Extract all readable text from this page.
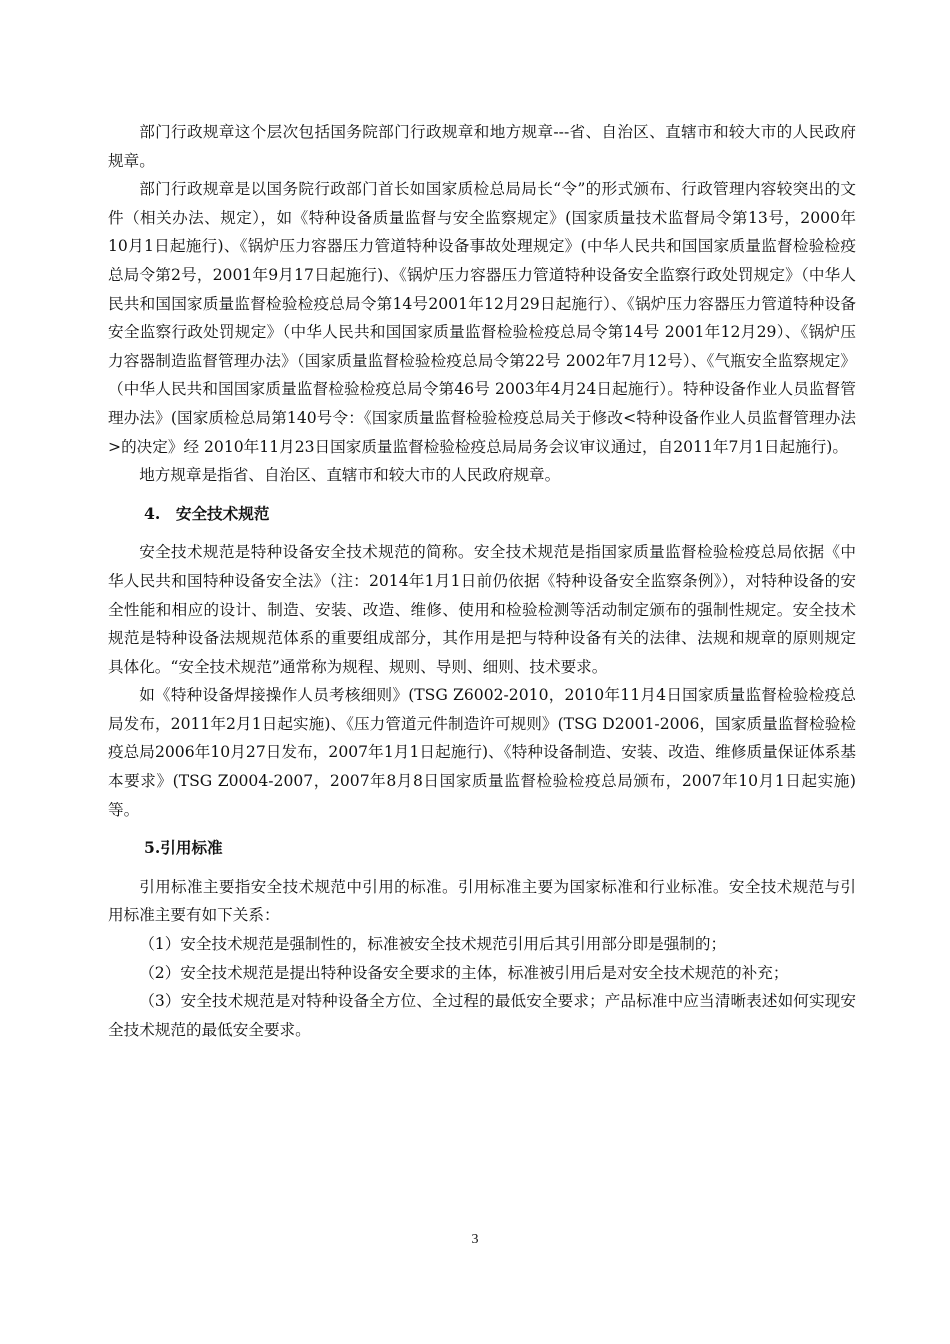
部门行政规章这个层次包括国务院部门行政规章和地方规章---省、自治区、直辖市和较大市的人民政府规章。

部门行政规章是以国务院行政部门首长如国家质检总局局长“令”的形式颁布、行政管理内容较突出的文件（相关办法、规定），如《特种设备质量监督与安全监察规定》(国家质量技术监督局令第13号，2000年10月1日起施行)、《锅炉压力容器压力管道特种设备事故处理规定》(中华人民共和国国家质量监督检验检疫总局令第2号，2001年9月17日起施行)、《锅炉压力容器压力管道特种设备安全监察行政处罚规定》（中华人民共和国国家质量监督检验检疫总局令第14号2001年12月29日起施行）、《锅炉压力容器压力管道特种设备安全监察行政处罚规定》（中华人民共和国国家质量监督检验检疫总局令第14号 2001年12月29）、《锅炉压力容器制造监督管理办法》（国家质量监督检验检疫总局令第22号 2002年7月12号）、《气瓶安全监察规定》（中华人民共和国国家质量监督检验检疫总局令第46号 2003年4月24日起施行）。特种设备作业人员监督管理办法》(国家质检总局第140号令：《国家质量监督检验检疫总局关于修改<特种设备作业人员监督管理办法>的决定》经 2010年11月23日国家质量监督检验检疫总局局务会议审议通过，自2011年7月1日起施行)。

地方规章是指省、自治区、直辖市和较大市的人民政府规章。

4.　安全技术规范

安全技术规范是特种设备安全技术规范的简称。安全技术规范是指国家质量监督检验检疫总局依据《中华人民共和国特种设备安全法》（注：2014年1月1日前仍依据《特种设备安全监察条例》），对特种设备的安全性能和相应的设计、制造、安装、改造、维修、使用和检验检测等活动制定颁布的强制性规定。安全技术规范是特种设备法规规范体系的重要组成部分，其作用是把与特种设备有关的法律、法规和规章的原则规定具体化。“安全技术规范”通常称为规程、规则、导则、细则、技术要求。

如《特种设备焊接操作人员考核细则》(TSG Z6002-2010，2010年11月4日国家质量监督检验检疫总局发布，2011年2月1日起实施)、《压力管道元件制造许可规则》(TSG D2001-2006，国家质量监督检验检疫总局2006年10月27日发布，2007年1月1日起施行)、《特种设备制造、安装、改造、维修质量保证体系基本要求》(TSG Z0004-2007，2007年8月8日国家质量监督检验检疫总局颁布，2007年10月1日起实施)等。

5.引用标准

引用标准主要指安全技术规范中引用的标准。引用标准主要为国家标准和行业标准。安全技术规范与引用标准主要有如下关系：

（1）安全技术规范是强制性的，标准被安全技术规范引用后其引用部分即是强制的；

（2）安全技术规范是提出特种设备安全要求的主体，标准被引用后是对安全技术规范的补充；

（3）安全技术规范是对特种设备全方位、全过程的最低安全要求；产品标准中应当清晰表述如何实现安全技术规范的最低安全要求。

3
